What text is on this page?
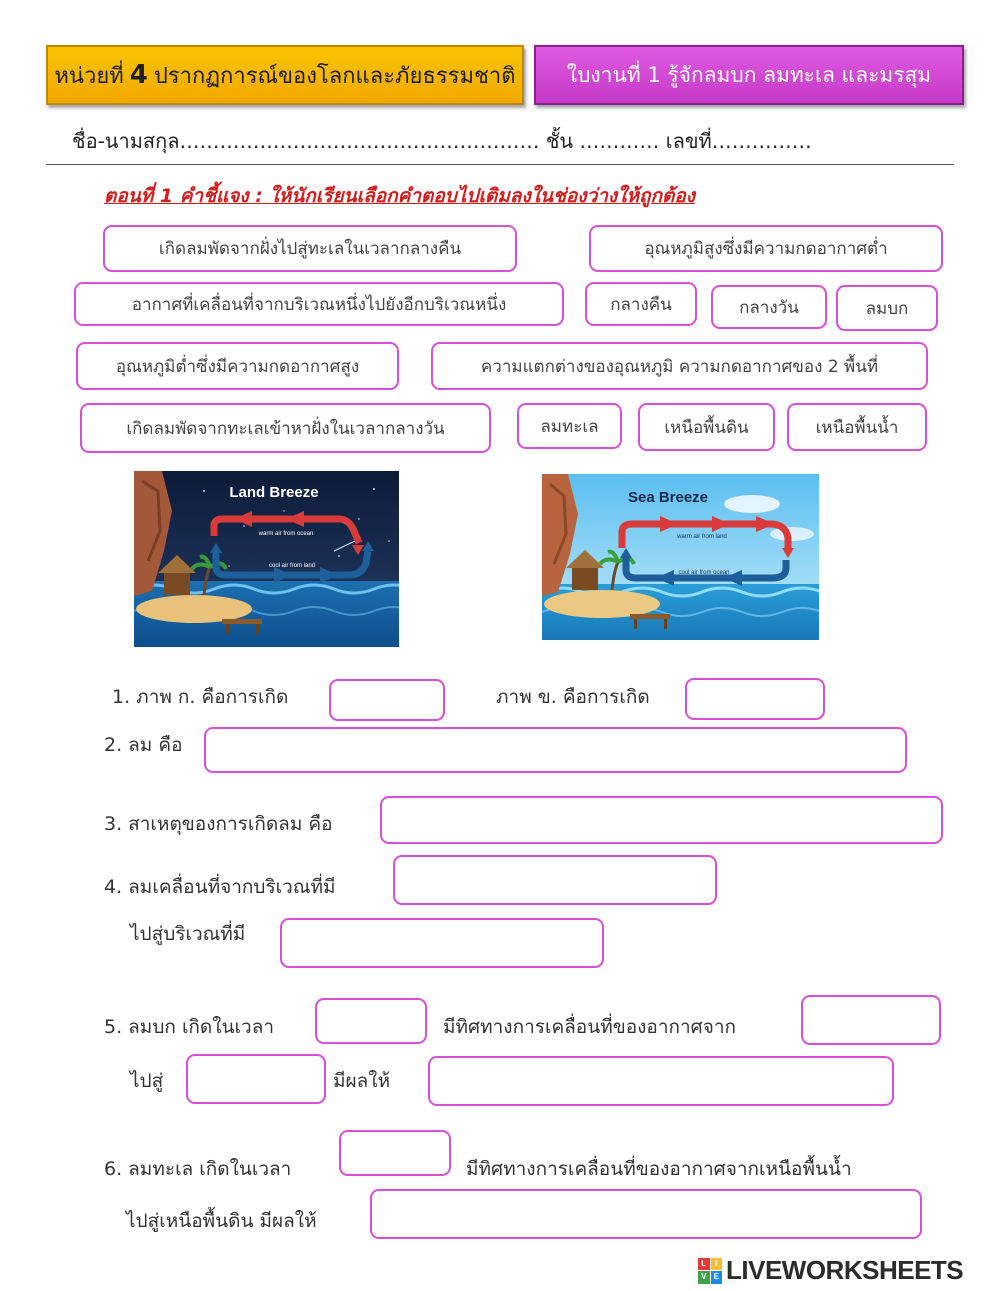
หน่วยที่ 4 ปรากฏการณ์ของโลกและภัยธรรมชาติ ใบงานที่ 1 รู้จักลมบก ลมทะเล และมรสุม
ชื่อ-นามสกุล……………………………………………… ชั้น ………… เลขที่……………
ตอนที่ 1 คำชี้แจง : ให้นักเรียนเลือกคำตอบไปเติมลงในช่องว่างให้ถูกต้อง
เกิดลมพัดจากฝั่งไปสู่ทะเลในเวลากลางคืน	อุณหภูมิสูงซึ่งมีความกดอากาศต่ำ
อากาศที่เคลื่อนที่จากบริเวณหนึ่งไปยังอีกบริเวณหนึ่ง	กลางคืน	กลางวัน	ลมบก
อุณหภูมิต่ำซึ่งมีความกดอากาศสูง	ความแตกต่างของอุณหภูมิ ความกดอากาศของ 2 พื้นที่
เกิดลมพัดจากทะเลเข้าหาฝั่งในเวลากลางวัน	ลมทะเล	เหนือพื้นดิน	เหนือพื้นน้ำ
Land Breeze
warm air from ocean
cool air from land
Sea Breeze
warm air from land
cool air from ocean
1. ภาพ ก. คือการเกิด	ภาพ ข. คือการเกิด
2. ลม คือ
3. สาเหตุของการเกิดลม คือ
4. ลมเคลื่อนที่จากบริเวณที่มี
ไปสู่บริเวณที่มี
5. ลมบก เกิดในเวลา	มีทิศทางการเคลื่อนที่ของอากาศจาก
ไปสู่	มีผลให้
6. ลมทะเล เกิดในเวลา	มีทิศทางการเคลื่อนที่ของอากาศจากเหนือพื้นน้ำ
ไปสู่เหนือพื้นดิน มีผลให้
L	I
V E LIVEWORKSHEETS
